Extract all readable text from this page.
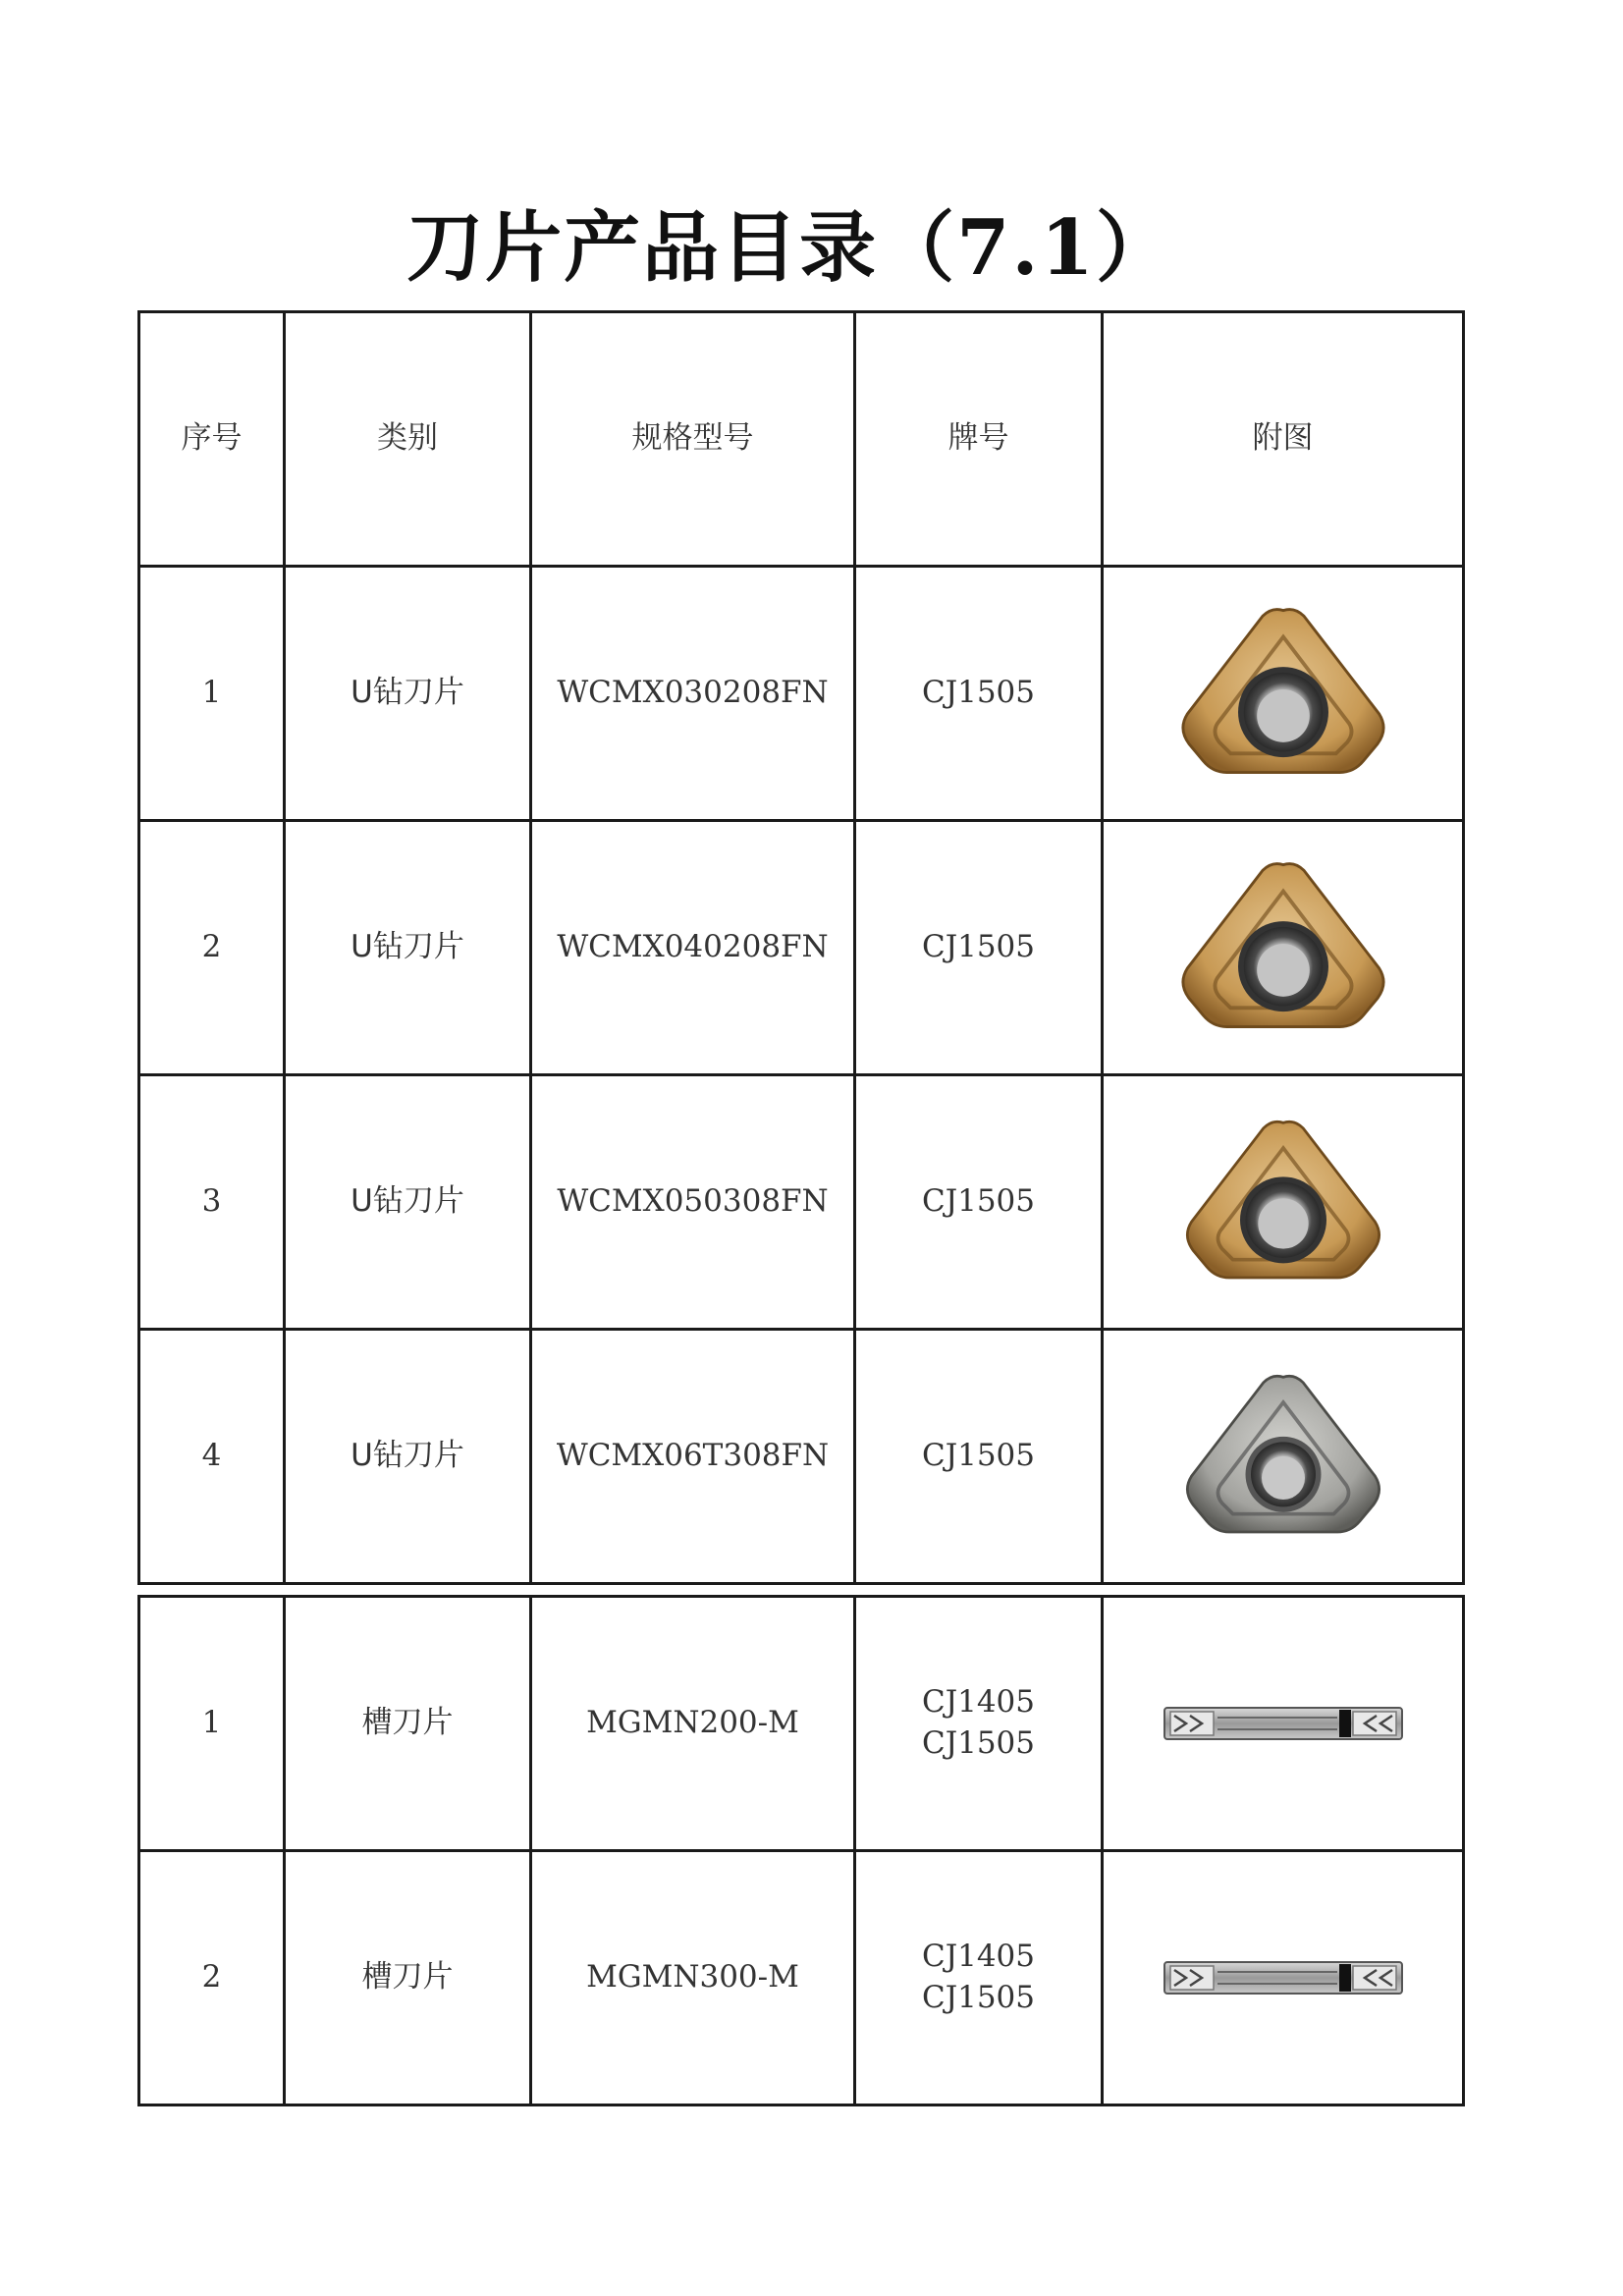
刀片产品目录（7.1）
序号	类别	规格型号	牌号	附图
1	U钻刀片	WCMX030208FN	CJ1505	

2	U钻刀片	WCMX040208FN	CJ1505	

3	U钻刀片	WCMX050308FN	CJ1505	

4	U钻刀片	WCMX06T308FN	CJ1505	
1	槽刀片	MGMN200-M	CJ1405
CJ1505

2	槽刀片	MGMN300-M	CJ1405
CJ1505
